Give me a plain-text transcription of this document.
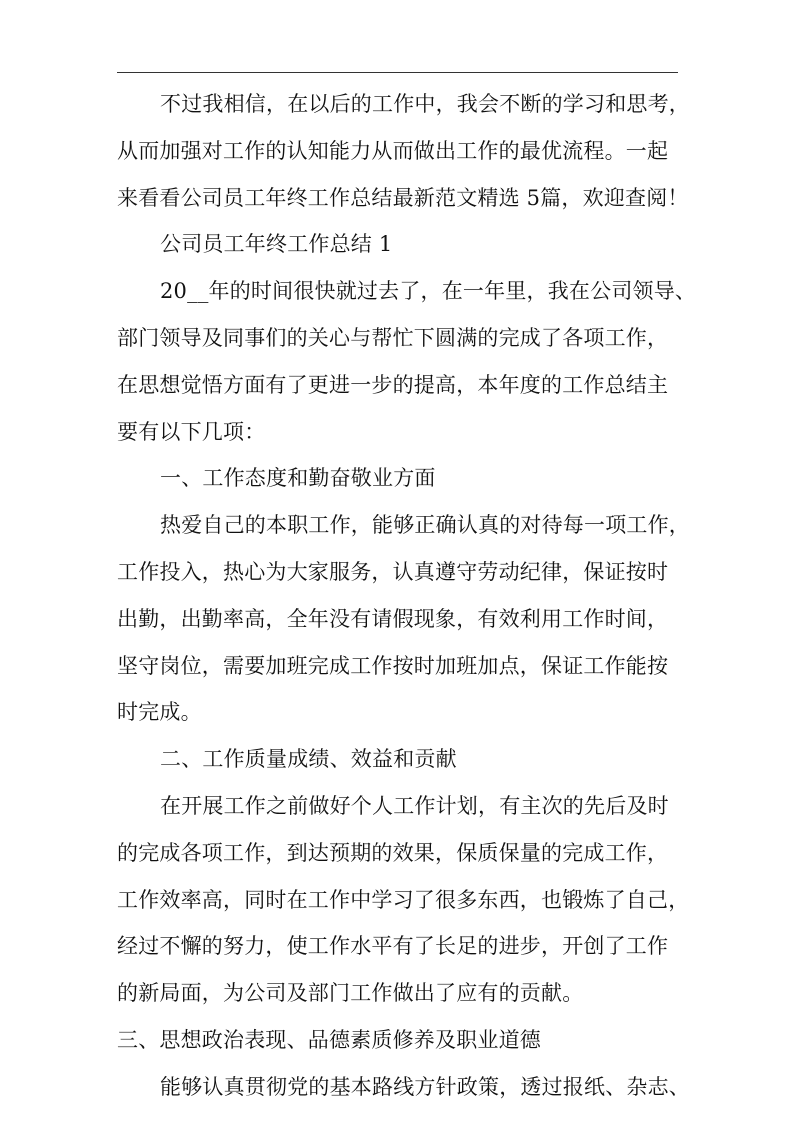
不过我相信，在以后的工作中，我会不断的学习和思考，
从而加强对工作的认知能力从而做出工作的最优流程。一起
来看看公司员工年终工作总结最新范文精选 5篇，欢迎查阅！
公司员工年终工作总结 1
20__年的时间很快就过去了，在一年里，我在公司领导、
部门领导及同事们的关心与帮忙下圆满的完成了各项工作，
在思想觉悟方面有了更进一步的提高，本年度的工作总结主
要有以下几项：
一、工作态度和勤奋敬业方面
热爱自己的本职工作，能够正确认真的对待每一项工作，
工作投入，热心为大家服务，认真遵守劳动纪律，保证按时
出勤，出勤率高，全年没有请假现象，有效利用工作时间，
坚守岗位，需要加班完成工作按时加班加点，保证工作能按
时完成。
二、工作质量成绩、效益和贡献
在开展工作之前做好个人工作计划，有主次的先后及时
的完成各项工作，到达预期的效果，保质保量的完成工作，
工作效率高，同时在工作中学习了很多东西，也锻炼了自己，
经过不懈的努力，使工作水平有了长足的进步，开创了工作
的新局面，为公司及部门工作做出了应有的贡献。
三、思想政治表现、品德素质修养及职业道德
能够认真贯彻党的基本路线方针政策，透过报纸、杂志、
